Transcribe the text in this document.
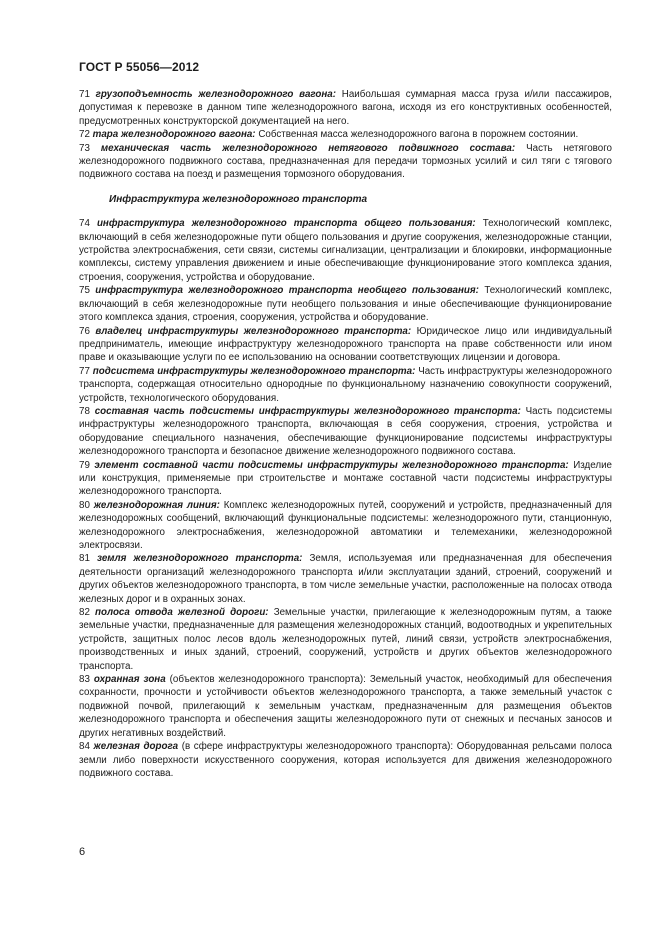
ГОСТ Р 55056—2012

71 грузоподъемность железнодорожного вагона: Наибольшая суммарная масса груза и/или пассажиров, допустимая к перевозке в данном типе железнодорожного вагона, исходя из его конструктивных особенностей, предусмотренных конструкторской документацией на него.

72 тара железнодорожного вагона: Собственная масса железнодорожного вагона в порожнем состоянии.

73 механическая часть железнодорожного нетягового подвижного состава: Часть нетягового железнодорожного подвижного состава, предназначенная для передачи тормозных усилий и сил тяги с тягового подвижного состава на поезд и размещения тормозного оборудования.

Инфраструктура железнодорожного транспорта

74 инфраструктура железнодорожного транспорта общего пользования: Технологический комплекс, включающий в себя железнодорожные пути общего пользования и другие сооружения, железнодорожные станции, устройства электроснабжения, сети связи, системы сигнализации, централизации и блокировки, информационные комплексы, систему управления движением и иные обеспечивающие функционирование этого комплекса здания, строения, сооружения, устройства и оборудование.

75 инфраструктура железнодорожного транспорта необщего пользования: Технологический комплекс, включающий в себя железнодорожные пути необщего пользования и иные обеспечивающие функционирование этого комплекса здания, строения, сооружения, устройства и оборудование.

76 владелец инфраструктуры железнодорожного транспорта: Юридическое лицо или индивидуальный предприниматель, имеющие инфраструктуру железнодорожного транспорта на праве собственности или ином праве и оказывающие услуги по ее использованию на основании соответствующих лицензии и договора.

77 подсистема инфраструктуры железнодорожного транспорта: Часть инфраструктуры железнодорожного транспорта, содержащая относительно однородные по функциональному назначению совокупности сооружений, устройств, технологического оборудования.

78 составная часть подсистемы инфраструктуры железнодорожного транспорта: Часть подсистемы инфраструктуры железнодорожного транспорта, включающая в себя сооружения, строения, устройства и оборудование специального назначения, обеспечивающие функционирование подсистемы инфраструктуры железнодорожного транспорта и безопасное движение железнодорожного подвижного состава.

79 элемент составной части подсистемы инфраструктуры железнодорожного транспорта: Изделие или конструкция, применяемые при строительстве и монтаже составной части подсистемы инфраструктуры железнодорожного транспорта.

80 железнодорожная линия: Комплекс железнодорожных путей, сооружений и устройств, предназначенный для железнодорожных сообщений, включающий функциональные подсистемы: железнодорожного пути, станционную, железнодорожного электроснабжения, железнодорожной автоматики и телемеханики, железнодорожной электросвязи.

81 земля железнодорожного транспорта: Земля, используемая или предназначенная для обеспечения деятельности организаций железнодорожного транспорта и/или эксплуатации зданий, строений, сооружений и других объектов железнодорожного транспорта, в том числе земельные участки, расположенные на полосах отвода железных дорог и в охранных зонах.

82 полоса отвода железной дороги: Земельные участки, прилегающие к железнодорожным путям, а также земельные участки, предназначенные для размещения железнодорожных станций, водоотводных и укрепительных устройств, защитных полос лесов вдоль железнодорожных путей, линий связи, устройств электроснабжения, производственных и иных зданий, строений, сооружений, устройств и других объектов железнодорожного транспорта.

83 охранная зона (объектов железнодорожного транспорта): Земельный участок, необходимый для обеспечения сохранности, прочности и устойчивости объектов железнодорожного транспорта, а также земельный участок с подвижной почвой, прилегающий к земельным участкам, предназначенным для размещения объектов железнодорожного транспорта и обеспечения защиты железнодорожного пути от снежных и песчаных заносов и других негативных воздействий.

84 железная дорога (в сфере инфраструктуры железнодорожного транспорта): Оборудованная рельсами полоса земли либо поверхности искусственного сооружения, которая используется для движения железнодорожного подвижного состава.

6
